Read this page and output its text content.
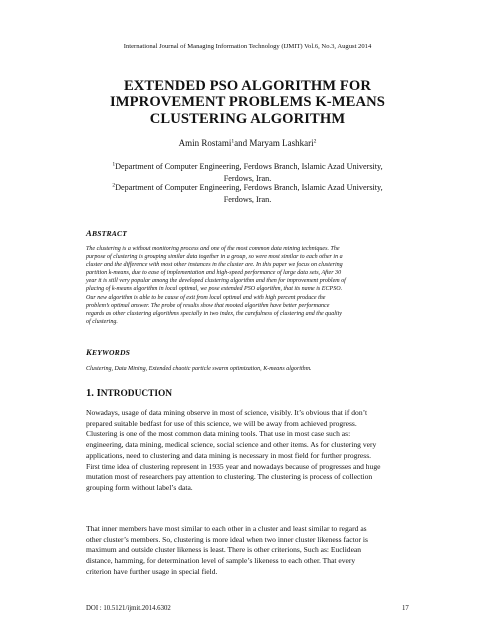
International Journal of Managing Information Technology (IJMIT) Vol.6, No.3, August 2014
EXTENDED PSO ALGORITHM FOR
IMPROVEMENT PROBLEMS K-MEANS
CLUSTERING ALGORITHM
Amin Rostami$^1$and Maryam Lashkari$^2$
$^1$Department of Computer Engineering, Ferdows Branch, Islamic Azad University,
Ferdows, Iran.
$^2$Department of Computer Engineering, Ferdows Branch, Islamic Azad University,
Ferdows, Iran.
ABSTRACT
The clustering is a without monitoring process and one of the most common data mining techniques. The
purpose of clustering is grouping similar data together in a group, so were most similar to each other in a
cluster and the difference with most other instances in the cluster are. In this paper we focus on clustering
partition k-means, due to ease of implementation and high-speed performance of large data sets, After 30
year it is still very popular among the developed clustering algorithm and then for improvement problem of
placing of k-means algorithm in local optimal, we pose extended PSO algorithm, that its name is ECPSO.
Our new algorithm is able to be cause of exit from local optimal and with high percent produce the
problem’s optimal answer. The probe of results show that mooted algorithm have better performance
regards as other clustering algorithms specially in two index, the carefulness of clustering and the quality
of clustering.
KEYWORDS
Clustering, Data Mining, Extended chaotic particle swarm optimization, K-means algorithm.
1. INTRODUCTION
Nowadays, usage of data mining observe in most of science, visibly. It’s obvious that if don’t
prepared suitable bedfast for use of this science, we will be away from achieved progress.
Clustering is one of the most common data mining tools. That use in most case such as:
engineering, data mining, medical science, social science and other items. As for clustering very
applications, need to clustering and data mining is necessary in most field for further progress.
First time idea of clustering represent in 1935 year and nowadays because of progresses and huge
mutation most of researchers pay attention to clustering. The clustering is process of collection
grouping form without label’s data.
That inner members have most similar to each other in a cluster and least similar to regard as
other cluster’s members. So, clustering is more ideal when two inner cluster likeness factor is
maximum and outside cluster likeness is least. There is other criterions, Such as: Euclidean
distance, hamming, for determination level of sample’s likeness to each other. That every
criterion have further usage in special field.
DOI : 10.5121/ijmit.2014.6302	17
